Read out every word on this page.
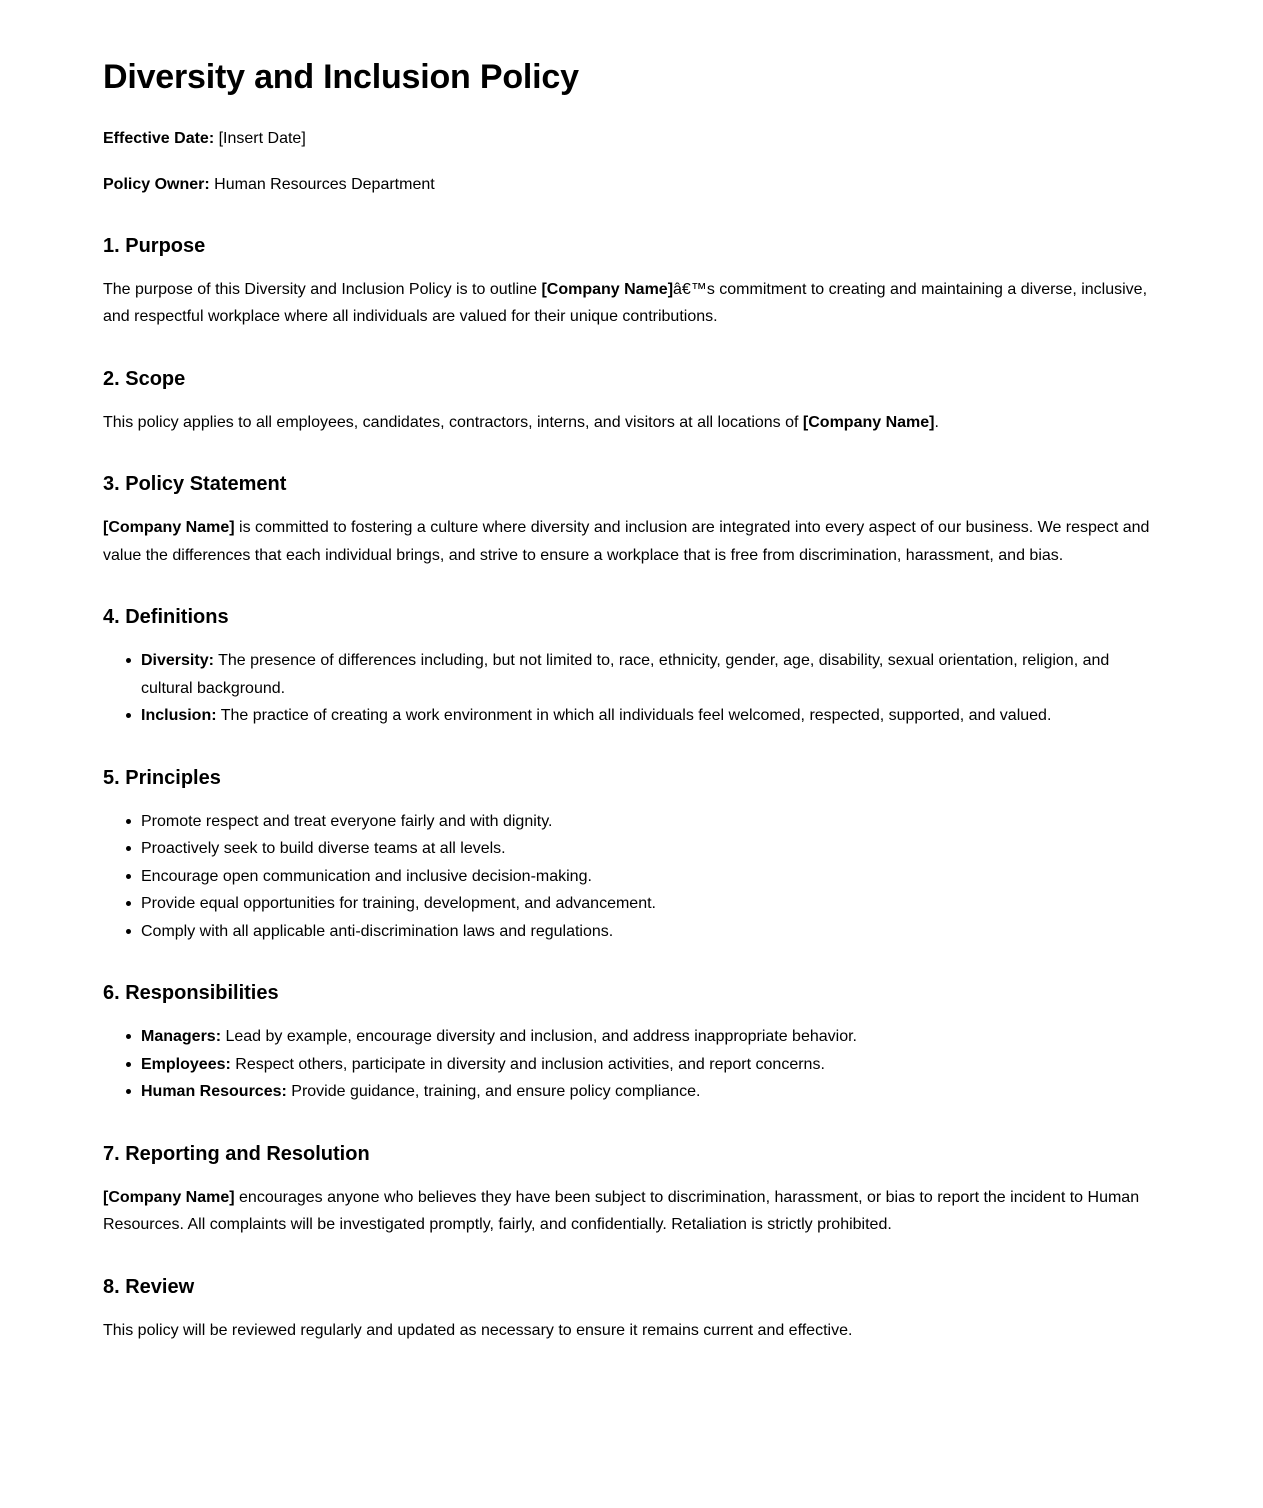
Diversity and Inclusion Policy

Effective Date: [Insert Date]

Policy Owner: Human Resources Department

1. Purpose

The purpose of this Diversity and Inclusion Policy is to outline [Company Name]â€™s commitment to creating and maintaining a diverse, inclusive, and respectful workplace where all individuals are valued for their unique contributions.

2. Scope

This policy applies to all employees, candidates, contractors, interns, and visitors at all locations of [Company Name].

3. Policy Statement

[Company Name] is committed to fostering a culture where diversity and inclusion are integrated into every aspect of our business. We respect and value the differences that each individual brings, and strive to ensure a workplace that is free from discrimination, harassment, and bias.

4. Definitions
Diversity: The presence of differences including, but not limited to, race, ethnicity, gender, age, disability, sexual orientation, religion, and cultural background.
Inclusion: The practice of creating a work environment in which all individuals feel welcomed, respected, supported, and valued.
5. Principles
Promote respect and treat everyone fairly and with dignity.
Proactively seek to build diverse teams at all levels.
Encourage open communication and inclusive decision-making.
Provide equal opportunities for training, development, and advancement.
Comply with all applicable anti-discrimination laws and regulations.
6. Responsibilities
Managers: Lead by example, encourage diversity and inclusion, and address inappropriate behavior.
Employees: Respect others, participate in diversity and inclusion activities, and report concerns.
Human Resources: Provide guidance, training, and ensure policy compliance.
7. Reporting and Resolution

[Company Name] encourages anyone who believes they have been subject to discrimination, harassment, or bias to report the incident to Human Resources. All complaints will be investigated promptly, fairly, and confidentially. Retaliation is strictly prohibited.

8. Review

This policy will be reviewed regularly and updated as necessary to ensure it remains current and effective.
